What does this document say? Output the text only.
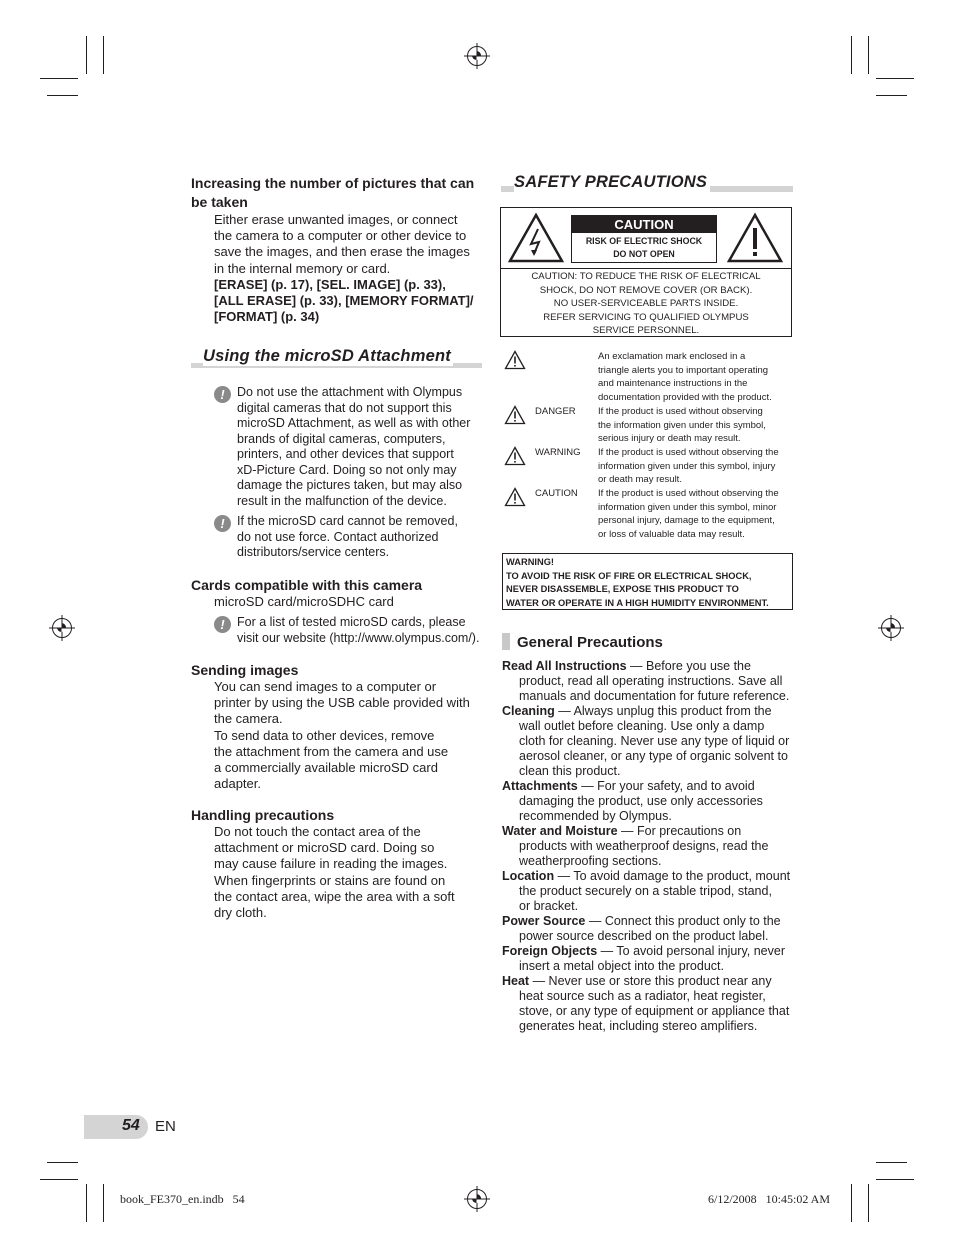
Increasing the number of pictures that can be taken
Either erase unwanted images, or connect
the camera to a computer or other device to
save the images, and then erase the images
in the internal memory or card.
[ERASE] (p. 17), [SEL. IMAGE] (p. 33),
[ALL ERASE] (p. 33), [MEMORY FORMAT]/
[FORMAT] (p. 34)
Using the microSD Attachment
! Do not use the attachment with Olympus
digital cameras that do not support this
microSD Attachment, as well as with other
brands of digital cameras, computers,
printers, and other devices that support
xD-Picture Card. Doing so not only may
damage the pictures taken, but may also
result in the malfunction of the device.
! If the microSD card cannot be removed,
do not use force. Contact authorized
distributors/service centers.
Cards compatible with this camera
microSD card/microSDHC card
! For a list of tested microSD cards, please
visit our website (http://www.olympus.com/).
Sending images
You can send images to a computer or
printer by using the USB cable provided with
the camera.
To send data to other devices, remove
the attachment from the camera and use
a commercially available microSD card
adapter.
Handling precautions
Do not touch the contact area of the
attachment or microSD card. Doing so
may cause failure in reading the images.
When fingerprints or stains are found on
the contact area, wipe the area with a soft
dry cloth.
SAFETY PRECAUTIONS
CAUTION
RISK OF ELECTRIC SHOCK
DO NOT OPEN
CAUTION: TO REDUCE THE RISK OF ELECTRICAL
SHOCK, DO NOT REMOVE COVER (OR BACK).
NO USER-SERVICEABLE PARTS INSIDE.
REFER SERVICING TO QUALIFIED OLYMPUS
SERVICE PERSONNEL.
An exclamation mark enclosed in a
triangle alerts you to important operating
and maintenance instructions in the
documentation provided with the product.
DANGER If the product is used without observing
the information given under this symbol,
serious injury or death may result.
WARNING If the product is used without observing the
information given under this symbol, injury
or death may result.
CAUTION If the product is used without observing the
information given under this symbol, minor
personal injury, damage to the equipment,
or loss of valuable data may result.
WARNING!
TO AVOID THE RISK OF FIRE OR ELECTRICAL SHOCK,
NEVER DISASSEMBLE, EXPOSE THIS PRODUCT TO
WATER OR OPERATE IN A HIGH HUMIDITY ENVIRONMENT.
General Precautions

Read All Instructions — Before you use the
product, read all operating instructions. Save all
manuals and documentation for future reference.

Cleaning — Always unplug this product from the
wall outlet before cleaning. Use only a damp
cloth for cleaning. Never use any type of liquid or
aerosol cleaner, or any type of organic solvent to
clean this product.

Attachments — For your safety, and to avoid
damaging the product, use only accessories
recommended by Olympus.

Water and Moisture — For precautions on
products with weatherproof designs, read the
weatherproofing sections.

Location — To avoid damage to the product, mount
the product securely on a stable tripod, stand,
or bracket.

Power Source — Connect this product only to the
power source described on the product label.

Foreign Objects — To avoid personal injury, never
insert a metal object into the product.

Heat — Never use or store this product near any
heat source such as a radiator, heat register,
stove, or any type of equipment or appliance that
generates heat, including stereo amplifiers.

54 EN
book_FE370_en.indb   54	6/12/2008   10:45:02 AM
